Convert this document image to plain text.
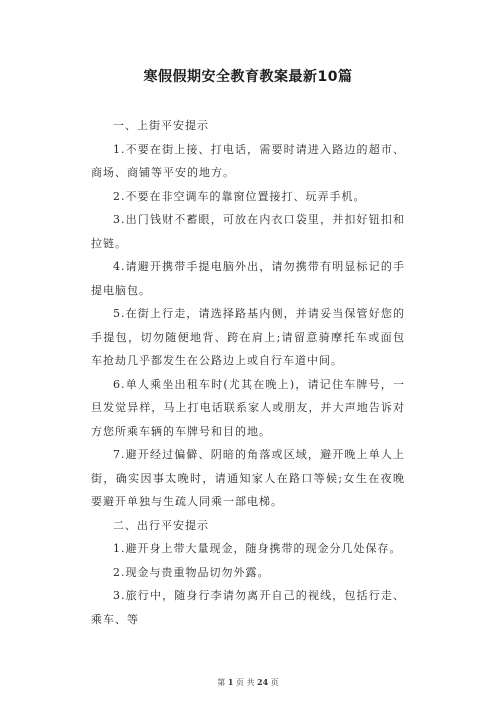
寒假假期安全教育教案最新10篇

一、上街平安提示

1.不要在街上接、打电话，需要时请进入路边的超市、商场、商铺等平安的地方。

2.不要在非空调车的靠窗位置接打、玩弄手机。

3.出门钱财不蓄眼，可放在内衣口袋里，并扣好钮扣和拉链。

4.请避开携带手提电脑外出，请勿携带有明显标记的手提电脑包。

5.在街上行走，请选择路基内侧，并请妥当保管好您的手提包，切勿随便地背、跨在肩上;请留意骑摩托车或面包车抢劫几乎都发生在公路边上或自行车道中间。

6.单人乘坐出租车时(尤其在晚上)，请记住车牌号，一旦发觉异样，马上打电话联系家人或朋友，并大声地告诉对方您所乘车辆的车牌号和目的地。

7.避开经过偏僻、阴暗的角落或区域，避开晚上单人上街，确实因事太晚时，请通知家人在路口等候;女生在夜晚要避开单独与生疏人同乘一部电梯。

二、出行平安提示

1.避开身上带大量现金，随身携带的现金分几处保存。

2.现金与贵重物品切勿外露。

3.旅行中，随身行李请勿离开自己的视线，包括行走、乘车、等

第 1 页 共 24 页
